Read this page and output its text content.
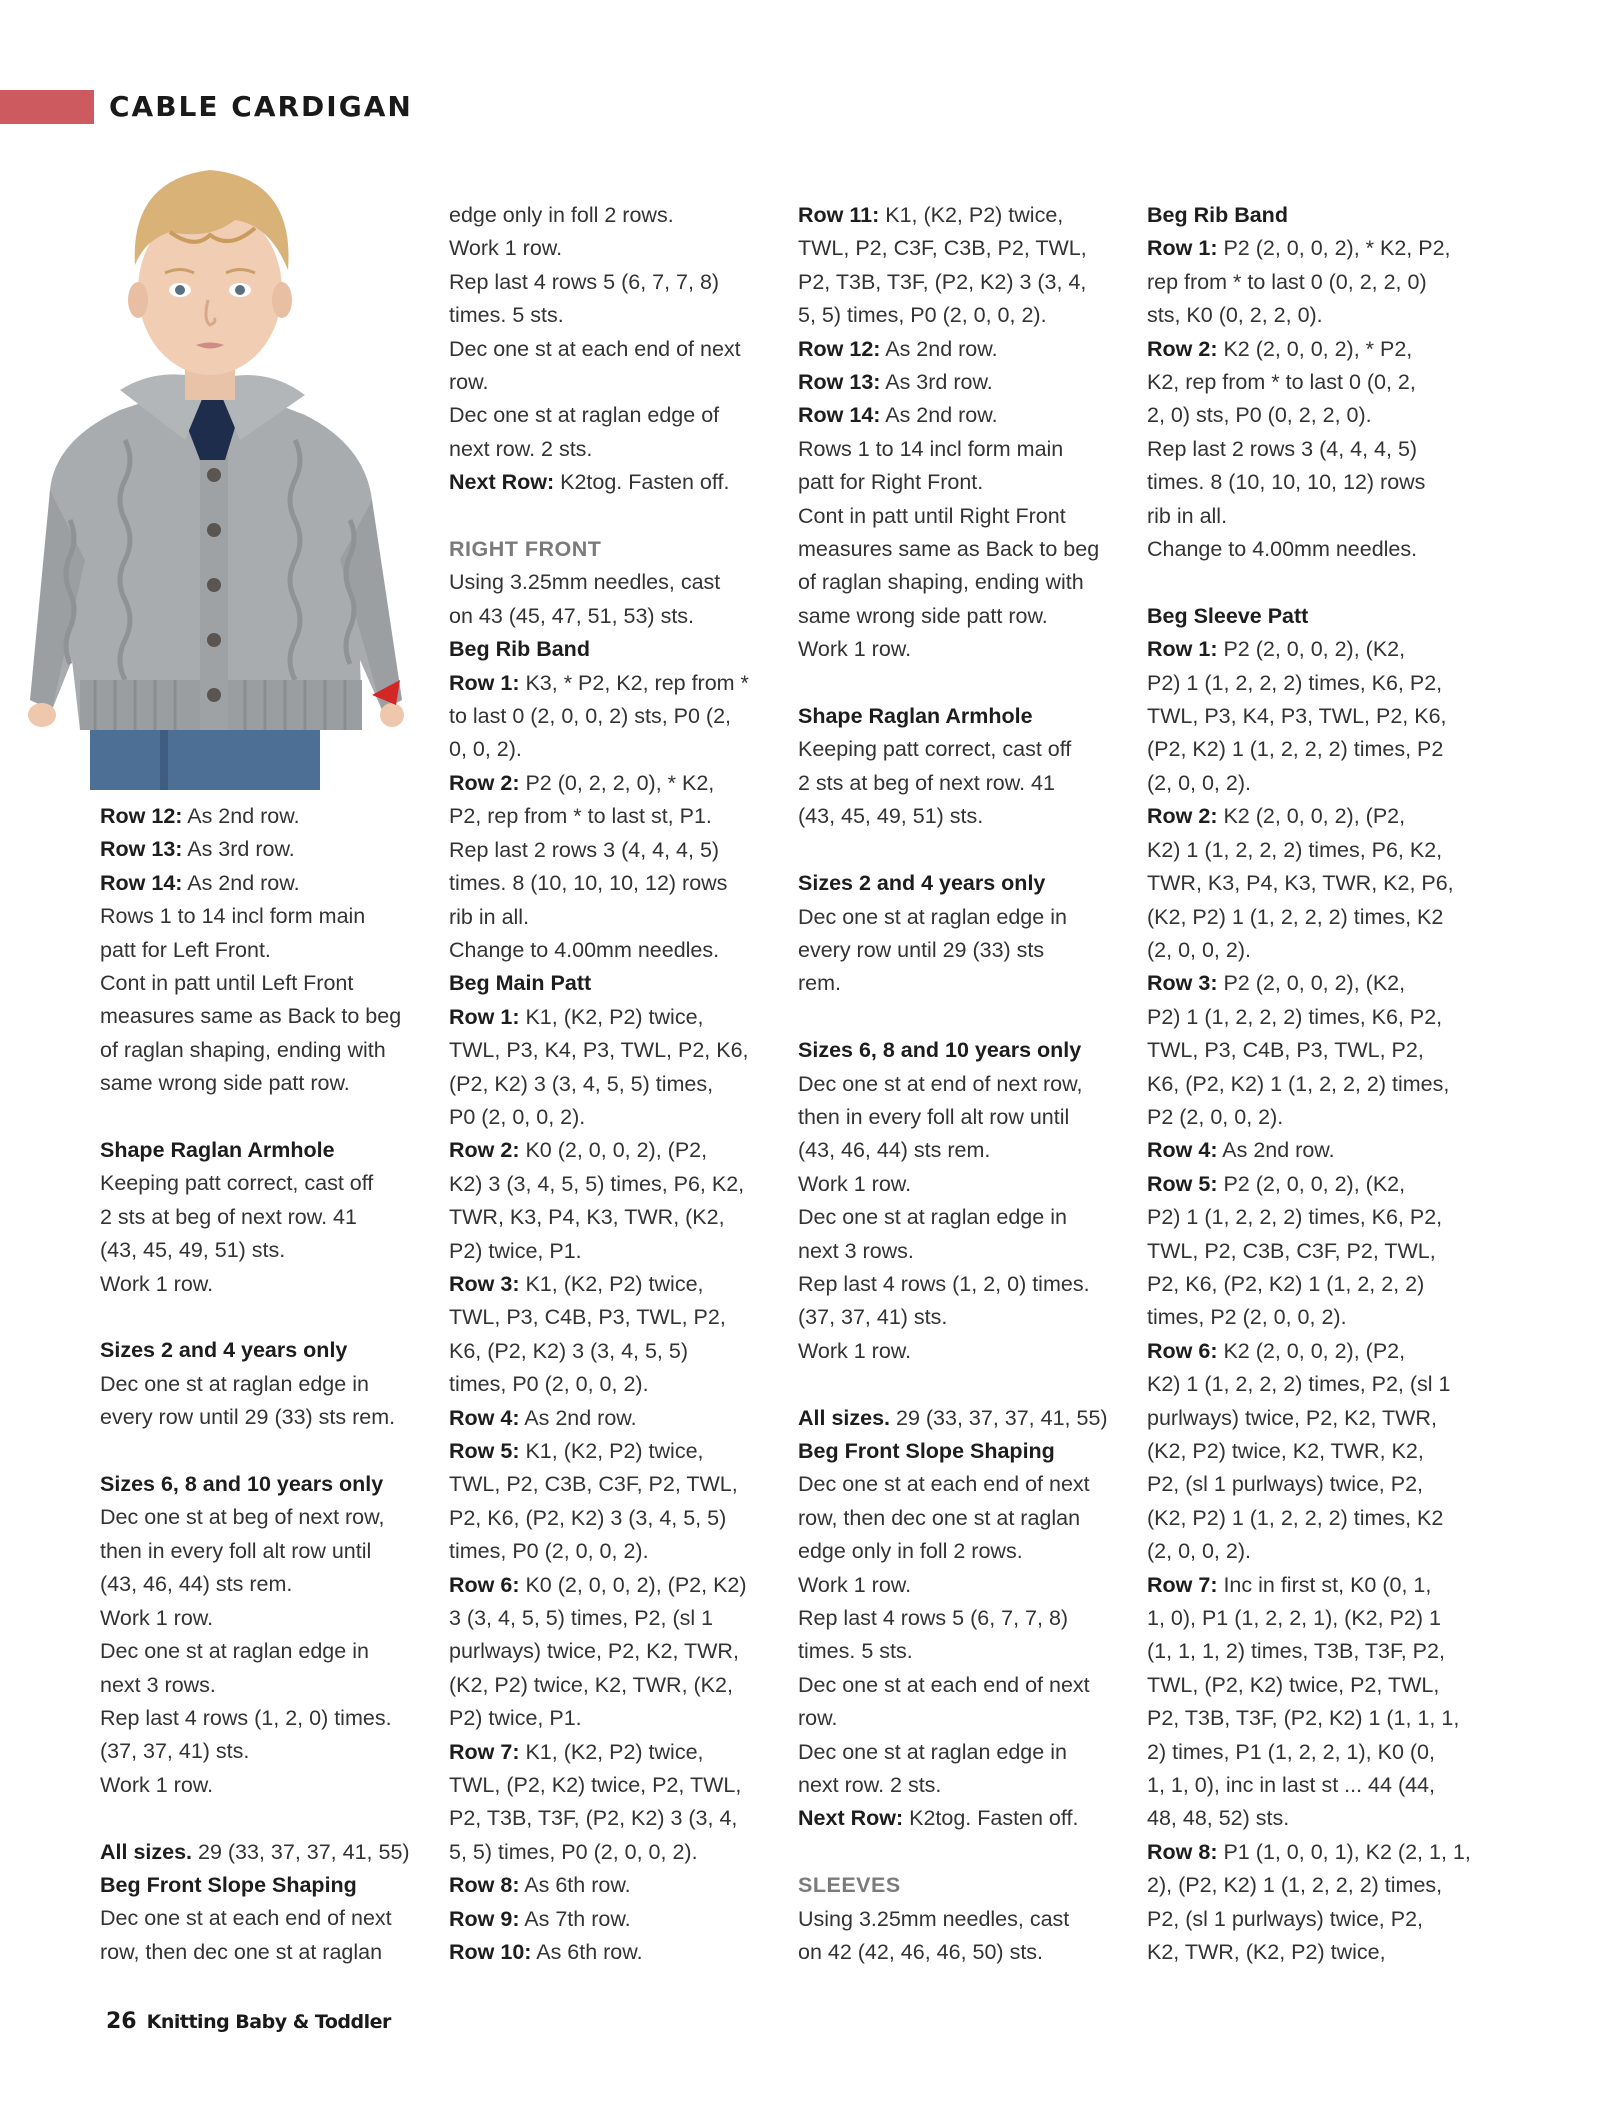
CABLE CARDIGAN

Row 12: As 2nd row.

Row 13: As 3rd row.

Row 14: As 2nd row.

Rows 1 to 14 incl form main

patt for Left Front.

Cont in patt until Left Front

measures same as Back to beg

of raglan shaping, ending with

same wrong side patt row.

Shape Raglan Armhole

Keeping patt correct, cast off

2 sts at beg of next row. 41

(43, 45, 49, 51) sts.

Work 1 row.

Sizes 2 and 4 years only

Dec one st at raglan edge in

every row until 29 (33) sts rem.

Sizes 6, 8 and 10 years only

Dec one st at beg of next row,

then in every foll alt row until

(43, 46, 44) sts rem.

Work 1 row.

Dec one st at raglan edge in

next 3 rows.

Rep last 4 rows (1, 2, 0) times.

(37, 37, 41) sts.

Work 1 row.

All sizes. 29 (33, 37, 37, 41, 55)

Beg Front Slope Shaping

Dec one st at each end of next

row, then dec one st at raglan

edge only in foll 2 rows.

Work 1 row.

Rep last 4 rows 5 (6, 7, 7, 8)

times. 5 sts.

Dec one st at each end of next

row.

Dec one st at raglan edge of

next row. 2 sts.

Next Row: K2tog. Fasten off.

RIGHT FRONT

Using 3.25mm needles, cast

on 43 (45, 47, 51, 53) sts.

Beg Rib Band

Row 1: K3, * P2, K2, rep from *

to last 0 (2, 0, 0, 2) sts, P0 (2,

0, 0, 2).

Row 2: P2 (0, 2, 2, 0), * K2,

P2, rep from * to last st, P1.

Rep last 2 rows 3 (4, 4, 4, 5)

times. 8 (10, 10, 10, 12) rows

rib in all.

Change to 4.00mm needles.

Beg Main Patt

Row 1: K1, (K2, P2) twice,

TWL, P3, K4, P3, TWL, P2, K6,

(P2, K2) 3 (3, 4, 5, 5) times,

P0 (2, 0, 0, 2).

Row 2: K0 (2, 0, 0, 2), (P2,

K2) 3 (3, 4, 5, 5) times, P6, K2,

TWR, K3, P4, K3, TWR, (K2,

P2) twice, P1.

Row 3: K1, (K2, P2) twice,

TWL, P3, C4B, P3, TWL, P2,

K6, (P2, K2) 3 (3, 4, 5, 5)

times, P0 (2, 0, 0, 2).

Row 4: As 2nd row.

Row 5: K1, (K2, P2) twice,

TWL, P2, C3B, C3F, P2, TWL,

P2, K6, (P2, K2) 3 (3, 4, 5, 5)

times, P0 (2, 0, 0, 2).

Row 6: K0 (2, 0, 0, 2), (P2, K2)

3 (3, 4, 5, 5) times, P2, (sl 1

purlways) twice, P2, K2, TWR,

(K2, P2) twice, K2, TWR, (K2,

P2) twice, P1.

Row 7: K1, (K2, P2) twice,

TWL, (P2, K2) twice, P2, TWL,

P2, T3B, T3F, (P2, K2) 3 (3, 4,

5, 5) times, P0 (2, 0, 0, 2).

Row 8: As 6th row.

Row 9: As 7th row.

Row 10: As 6th row.

Row 11: K1, (K2, P2) twice,

TWL, P2, C3F, C3B, P2, TWL,

P2, T3B, T3F, (P2, K2) 3 (3, 4,

5, 5) times, P0 (2, 0, 0, 2).

Row 12: As 2nd row.

Row 13: As 3rd row.

Row 14: As 2nd row.

Rows 1 to 14 incl form main

patt for Right Front.

Cont in patt until Right Front

measures same as Back to beg

of raglan shaping, ending with

same wrong side patt row.

Work 1 row.

Shape Raglan Armhole

Keeping patt correct, cast off

2 sts at beg of next row. 41

(43, 45, 49, 51) sts.

Sizes 2 and 4 years only

Dec one st at raglan edge in

every row until 29 (33) sts

rem.

Sizes 6, 8 and 10 years only

Dec one st at end of next row,

then in every foll alt row until

(43, 46, 44) sts rem.

Work 1 row.

Dec one st at raglan edge in

next 3 rows.

Rep last 4 rows (1, 2, 0) times.

(37, 37, 41) sts.

Work 1 row.

All sizes. 29 (33, 37, 37, 41, 55)

Beg Front Slope Shaping

Dec one st at each end of next

row, then dec one st at raglan

edge only in foll 2 rows.

Work 1 row.

Rep last 4 rows 5 (6, 7, 7, 8)

times. 5 sts.

Dec one st at each end of next

row.

Dec one st at raglan edge in

next row. 2 sts.

Next Row: K2tog. Fasten off.

SLEEVES

Using 3.25mm needles, cast

on 42 (42, 46, 46, 50) sts.

Beg Rib Band

Row 1: P2 (2, 0, 0, 2), * K2, P2,

rep from * to last 0 (0, 2, 2, 0)

sts, K0 (0, 2, 2, 0).

Row 2: K2 (2, 0, 0, 2), * P2,

K2, rep from * to last 0 (0, 2,

2, 0) sts, P0 (0, 2, 2, 0).

Rep last 2 rows 3 (4, 4, 4, 5)

times. 8 (10, 10, 10, 12) rows

rib in all.

Change to 4.00mm needles.

Beg Sleeve Patt

Row 1: P2 (2, 0, 0, 2), (K2,

P2) 1 (1, 2, 2, 2) times, K6, P2,

TWL, P3, K4, P3, TWL, P2, K6,

(P2, K2) 1 (1, 2, 2, 2) times, P2

(2, 0, 0, 2).

Row 2: K2 (2, 0, 0, 2), (P2,

K2) 1 (1, 2, 2, 2) times, P6, K2,

TWR, K3, P4, K3, TWR, K2, P6,

(K2, P2) 1 (1, 2, 2, 2) times, K2

(2, 0, 0, 2).

Row 3: P2 (2, 0, 0, 2), (K2,

P2) 1 (1, 2, 2, 2) times, K6, P2,

TWL, P3, C4B, P3, TWL, P2,

K6, (P2, K2) 1 (1, 2, 2, 2) times,

P2 (2, 0, 0, 2).

Row 4: As 2nd row.

Row 5: P2 (2, 0, 0, 2), (K2,

P2) 1 (1, 2, 2, 2) times, K6, P2,

TWL, P2, C3B, C3F, P2, TWL,

P2, K6, (P2, K2) 1 (1, 2, 2, 2)

times, P2 (2, 0, 0, 2).

Row 6: K2 (2, 0, 0, 2), (P2,

K2) 1 (1, 2, 2, 2) times, P2, (sl 1

purlways) twice, P2, K2, TWR,

(K2, P2) twice, K2, TWR, K2,

P2, (sl 1 purlways) twice, P2,

(K2, P2) 1 (1, 2, 2, 2) times, K2

(2, 0, 0, 2).

Row 7: Inc in first st, K0 (0, 1,

1, 0), P1 (1, 2, 2, 1), (K2, P2) 1

(1, 1, 1, 2) times, T3B, T3F, P2,

TWL, (P2, K2) twice, P2, TWL,

P2, T3B, T3F, (P2, K2) 1 (1, 1, 1,

2) times, P1 (1, 2, 2, 1), K0 (0,

1, 1, 0), inc in last st ... 44 (44,

48, 48, 52) sts.

Row 8: P1 (1, 0, 0, 1), K2 (2, 1, 1,

2), (P2, K2) 1 (1, 2, 2, 2) times,

P2, (sl 1 purlways) twice, P2,

K2, TWR, (K2, P2) twice,

26 Knitting Baby & Toddler
